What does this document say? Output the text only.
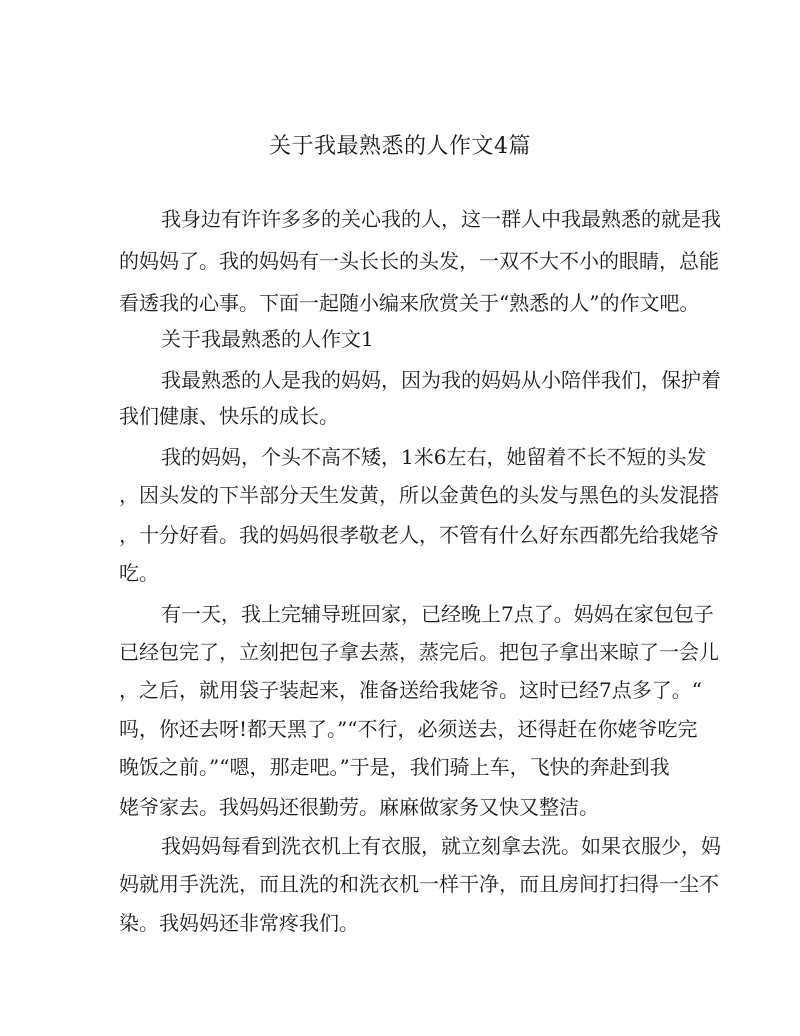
关于我最熟悉的人作文4篇
我身边有许许多多的关心我的人，这一群人中我最熟悉的就是我
的妈妈了。我的妈妈有一头长长的头发，一双不大不小的眼睛，总能
看透我的心事。下面一起随小编来欣赏关于“熟悉的人”的作文吧。
关于我最熟悉的人作文1
我最熟悉的人是我的妈妈，因为我的妈妈从小陪伴我们，保护着
我们健康、快乐的成长。
我的妈妈，个头不高不矮，1米6左右，她留着不长不短的头发
，因头发的下半部分天生发黄，所以金黄色的头发与黑色的头发混搭
，十分好看。我的妈妈很孝敬老人，不管有什么好东西都先给我姥爷
吃。
有一天，我上完辅导班回家，已经晚上7点了。妈妈在家包包子
已经包完了，立刻把包子拿去蒸，蒸完后。把包子拿出来晾了一会儿
，之后，就用袋子装起来，准备送给我姥爷。这时已经7点多了。“
吗，你还去呀!都天黑了。”“不行，必须送去，还得赶在你姥爷吃完
晚饭之前。”“嗯，那走吧。”于是，我们骑上车，飞快的奔赴到我
姥爷家去。我妈妈还很勤劳。麻麻做家务又快又整洁。
我妈妈每看到洗衣机上有衣服，就立刻拿去洗。如果衣服少，妈
妈就用手洗洗，而且洗的和洗衣机一样干净，而且房间打扫得一尘不
染。我妈妈还非常疼我们。
